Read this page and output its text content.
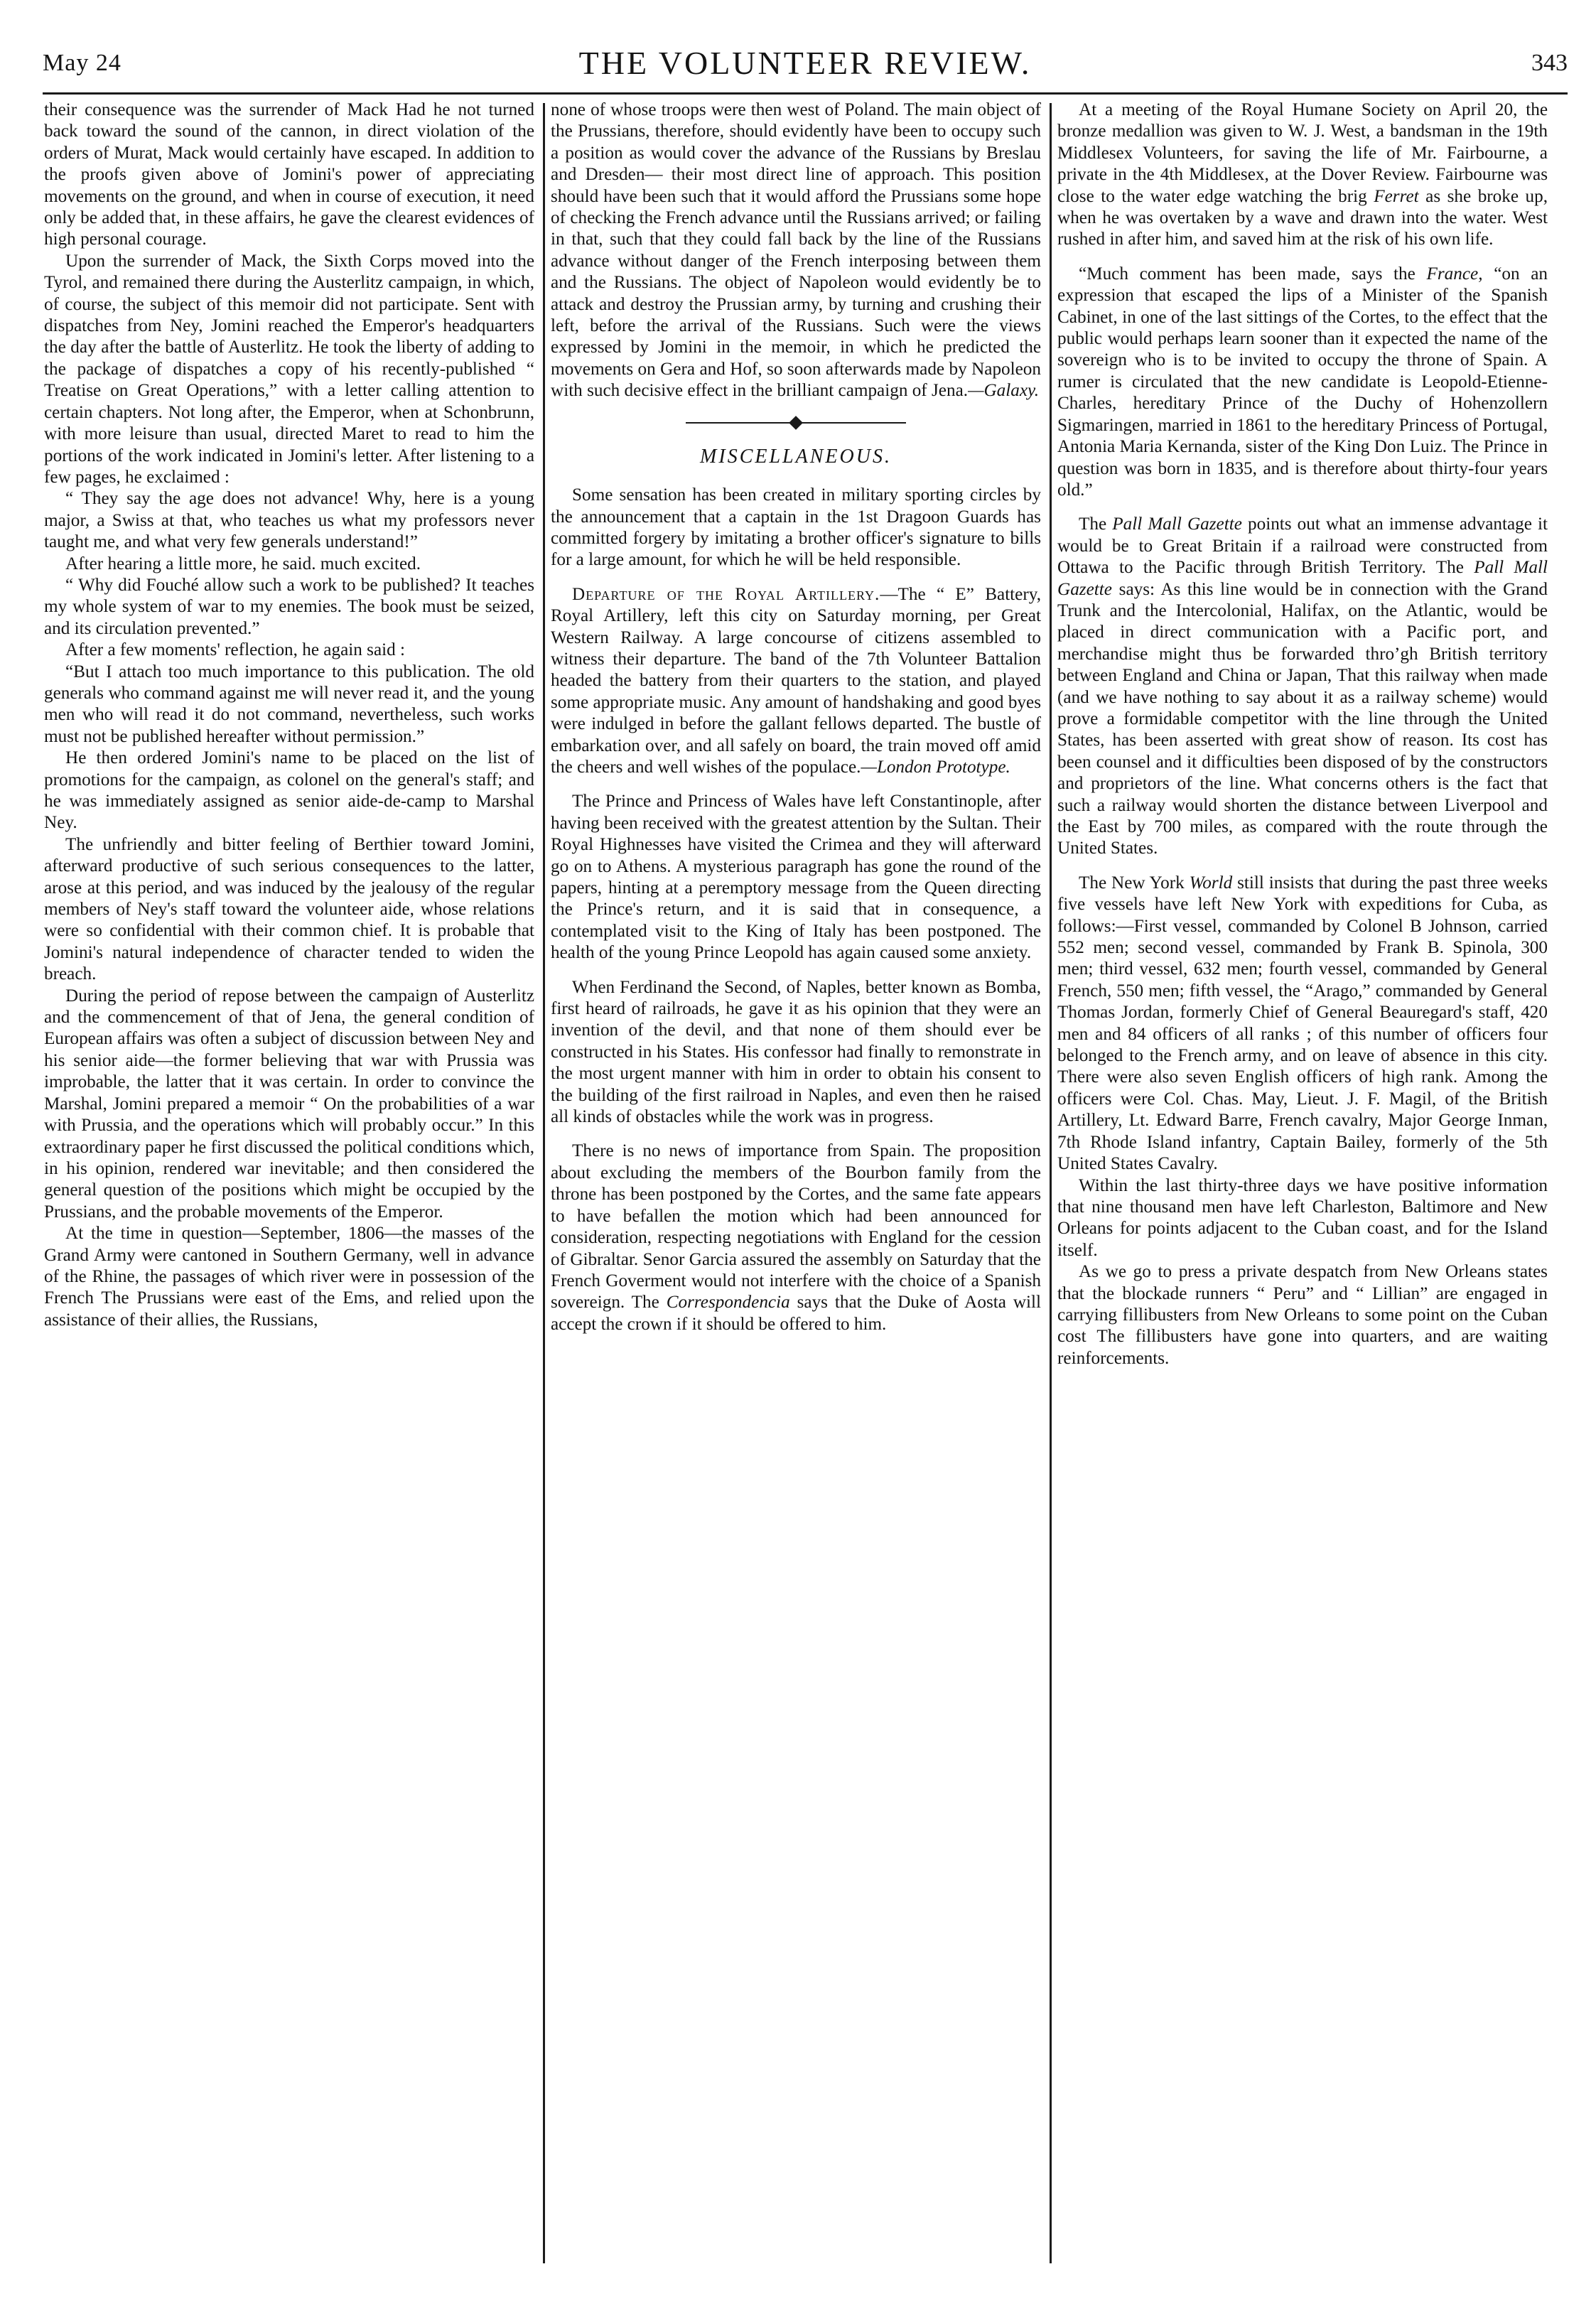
May 24	THE VOLUNTEER REVIEW.	343

their consequence was the surrender of Mack Had he not turned back toward the sound of the cannon, in direct violation of the orders of Murat, Mack would certainly have escaped. In addition to the proofs given above of Jomini's power of appreciating movements on the ground, and when in course of execution, it need only be added that, in these affairs, he gave the clearest evidences of high personal courage.

Upon the surrender of Mack, the Sixth Corps moved into the Tyrol, and remained there during the Austerlitz campaign, in which, of course, the subject of this memoir did not participate. Sent with dispatches from Ney, Jomini reached the Emperor's headquarters the day after the battle of Austerlitz. He took the liberty of adding to the package of dispatches a copy of his recently-published “ Treatise on Great Operations,” with a letter calling attention to certain chapters. Not long after, the Emperor, when at Schonbrunn, with more leisure than usual, directed Maret to read to him the portions of the work indicated in Jomini's letter. After listening to a few pages, he exclaimed :

“ They say the age does not advance! Why, here is a young major, a Swiss at that, who teaches us what my professors never taught me, and what very few generals understand!”

After hearing a little more, he said. much excited.

“ Why did Fouché allow such a work to be published? It teaches my whole system of war to my enemies. The book must be seized, and its circulation prevented.”

After a few moments' reflection, he again said :

“But I attach too much importance to this publication. The old generals who command against me will never read it, and the young men who will read it do not command, nevertheless, such works must not be published hereafter without permission.”

He then ordered Jomini's name to be placed on the list of promotions for the campaign, as colonel on the general's staff; and he was immediately assigned as senior aide-de-camp to Marshal Ney.

The unfriendly and bitter feeling of Berthier toward Jomini, afterward productive of such serious consequences to the latter, arose at this period, and was induced by the jealousy of the regular members of Ney's staff toward the volunteer aide, whose relations were so confidential with their common chief. It is probable that Jomini's natural independence of character tended to widen the breach.

During the period of repose between the campaign of Austerlitz and the commencement of that of Jena, the general condition of European affairs was often a subject of discussion between Ney and his senior aide—the former believing that war with Prussia was improbable, the latter that it was certain. In order to convince the Marshal, Jomini prepared a memoir “ On the probabilities of a war with Prussia, and the operations which will probably occur.” In this extraordinary paper he first discussed the political conditions which, in his opinion, rendered war inevitable; and then considered the general question of the positions which might be occupied by the Prussians, and the probable movements of the Emperor.

At the time in question—September, 1806—the masses of the Grand Army were cantoned in Southern Germany, well in advance of the Rhine, the passages of which river were in possession of the French The Prussians were east of the Ems, and relied upon the assistance of their allies, the Russians,

none of whose troops were then west of Poland. The main object of the Prussians, therefore, should evidently have been to occupy such a position as would cover the advance of the Russians by Breslau and Dresden— their most direct line of approach. This position should have been such that it would afford the Prussians some hope of checking the French advance until the Russians arrived; or failing in that, such that they could fall back by the line of the Russians advance without danger of the French interposing between them and the Russians. The object of Napoleon would evidently be to attack and destroy the Prussian army, by turning and crushing their left, before the arrival of the Russians. Such were the views expressed by Jomini in the memoir, in which he predicted the movements on Gera and Hof, so soon afterwards made by Napoleon with such decisive effect in the brilliant campaign of Jena.—Galaxy.

MISCELLANEOUS.

Some sensation has been created in military sporting circles by the announcement that a captain in the 1st Dragoon Guards has committed forgery by imitating a brother officer's signature to bills for a large amount, for which he will be held responsible.

Departure of the Royal Artillery.—The “ E” Battery, Royal Artillery, left this city on Saturday morning, per Great Western Railway. A large concourse of citizens assembled to witness their departure. The band of the 7th Volunteer Battalion headed the battery from their quarters to the station, and played some appropriate music. Any amount of handshaking and good byes were indulged in before the gallant fellows departed. The bustle of embarkation over, and all safely on board, the train moved off amid the cheers and well wishes of the populace.—London Prototype.

The Prince and Princess of Wales have left Constantinople, after having been received with the greatest attention by the Sultan. Their Royal Highnesses have visited the Crimea and they will afterward go on to Athens. A mysterious paragraph has gone the round of the papers, hinting at a peremptory message from the Queen directing the Prince's return, and it is said that in consequence, a contemplated visit to the King of Italy has been postponed. The health of the young Prince Leopold has again caused some anxiety.

When Ferdinand the Second, of Naples, better known as Bomba, first heard of railroads, he gave it as his opinion that they were an invention of the devil, and that none of them should ever be constructed in his States. His confessor had finally to remonstrate in the most urgent manner with him in order to obtain his consent to the building of the first railroad in Naples, and even then he raised all kinds of obstacles while the work was in progress.

There is no news of importance from Spain. The proposition about excluding the members of the Bourbon family from the throne has been postponed by the Cortes, and the same fate appears to have befallen the motion which had been announced for consideration, respecting negotiations with England for the cession of Gibraltar. Senor Garcia assured the assembly on Saturday that the French Goverment would not interfere with the choice of a Spanish sovereign. The Correspondencia says that the Duke of Aosta will accept the crown if it should be offered to him.

At a meeting of the Royal Humane Society on April 20, the bronze medallion was given to W. J. West, a bandsman in the 19th Middlesex Volunteers, for saving the life of Mr. Fairbourne, a private in the 4th Middlesex, at the Dover Review. Fairbourne was close to the water edge watching the brig Ferret as she broke up, when he was overtaken by a wave and drawn into the water. West rushed in after him, and saved him at the risk of his own life.

“Much comment has been made, says the France, “on an expression that escaped the lips of a Minister of the Spanish Cabinet, in one of the last sittings of the Cortes, to the effect that the public would perhaps learn sooner than it expected the name of the sovereign who is to be invited to occupy the throne of Spain. A rumer is circulated that the new candidate is Leopold-Etienne-Charles, hereditary Prince of the Duchy of Hohenzollern Sigmaringen, married in 1861 to the hereditary Princess of Portugal, Antonia Maria Kernanda, sister of the King Don Luiz. The Prince in question was born in 1835, and is therefore about thirty-four years old.”

The Pall Mall Gazette points out what an immense advantage it would be to Great Britain if a railroad were constructed from Ottawa to the Pacific through British Territory. The Pall Mall Gazette says: As this line would be in connection with the Grand Trunk and the Intercolonial, Halifax, on the Atlantic, would be placed in direct communication with a Pacific port, and merchandise might thus be forwarded thro’gh British territory between England and China or Japan, That this railway when made (and we have nothing to say about it as a railway scheme) would prove a formidable competitor with the line through the United States, has been asserted with great show of reason. Its cost has been counsel and it difficulties been disposed of by the constructors and proprietors of the line. What concerns others is the fact that such a railway would shorten the distance between Liverpool and the East by 700 miles, as compared with the route through the United States.

The New York World still insists that during the past three weeks five vessels have left New York with expeditions for Cuba, as follows:—First vessel, commanded by Colonel B Johnson, carried 552 men; second vessel, commanded by Frank B. Spinola, 300 men; third vessel, 632 men; fourth vessel, commanded by General French, 550 men; fifth vessel, the “Arago,” commanded by General Thomas Jordan, formerly Chief of General Beauregard's staff, 420 men and 84 officers of all ranks ; of this number of officers four belonged to the French army, and on leave of absence in this city. There were also seven English officers of high rank. Among the officers were Col. Chas. May, Lieut. J. F. Magil, of the British Artillery, Lt. Edward Barre, French cavalry, Major George Inman, 7th Rhode Island infantry, Captain Bailey, formerly of the 5th United States Cavalry.

Within the last thirty-three days we have positive information that nine thousand men have left Charleston, Baltimore and New Orleans for points adjacent to the Cuban coast, and for the Island itself.

As we go to press a private despatch from New Orleans states that the blockade runners “ Peru” and “ Lillian” are engaged in carrying fillibusters from New Orleans to some point on the Cuban cost The fillibusters have gone into quarters, and are waiting reinforcements.
